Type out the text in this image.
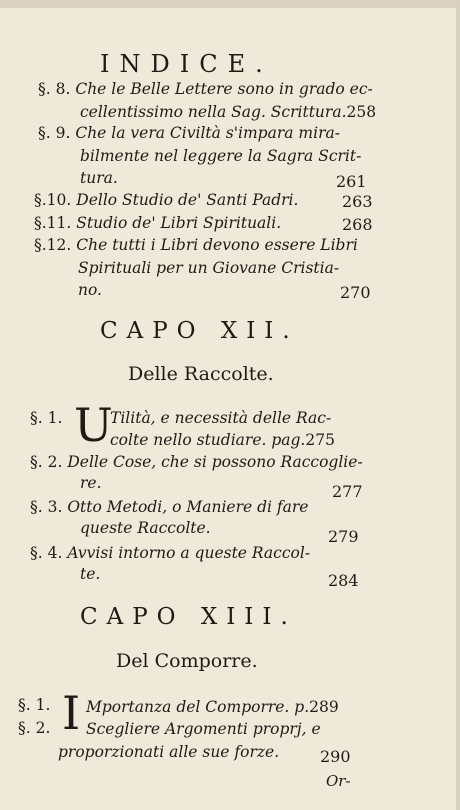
INDICE.
§. 8. Che le Belle Lettere sono in grado ec-
cellentissimo nella Sag. Scrittura.258
§. 9. Che la vera Civiltà s'impara mira-
bilmente nel leggere la Sagra Scrit-
tura.	261
§.10. Dello Studio de' Santi Padri.	263
§.11. Studio de' Libri Spirituali.	268
§.12. Che tutti i Libri devono essere Libri
Spirituali per un Giovane Cristia-
no.	270
CAPO XII.
Delle Raccolte.
§. 1. U
Tilità, e necessità delle Rac-
colte nello studiare. pag.275
§. 2. Delle Cose, che si possono Raccoglie-
re.	277
§. 3. Otto Metodi, o Maniere di fare
queste Raccolte.	279
§. 4. Avvisi intorno a queste Raccol-
te.	284
CAPO XIII.
Del Comporre.
§. 1. I Mportanza del Comporre. p.289
§. 2. Scegliere Argomenti proprj, e
proporzionati alle sue forze.	290
Or-
